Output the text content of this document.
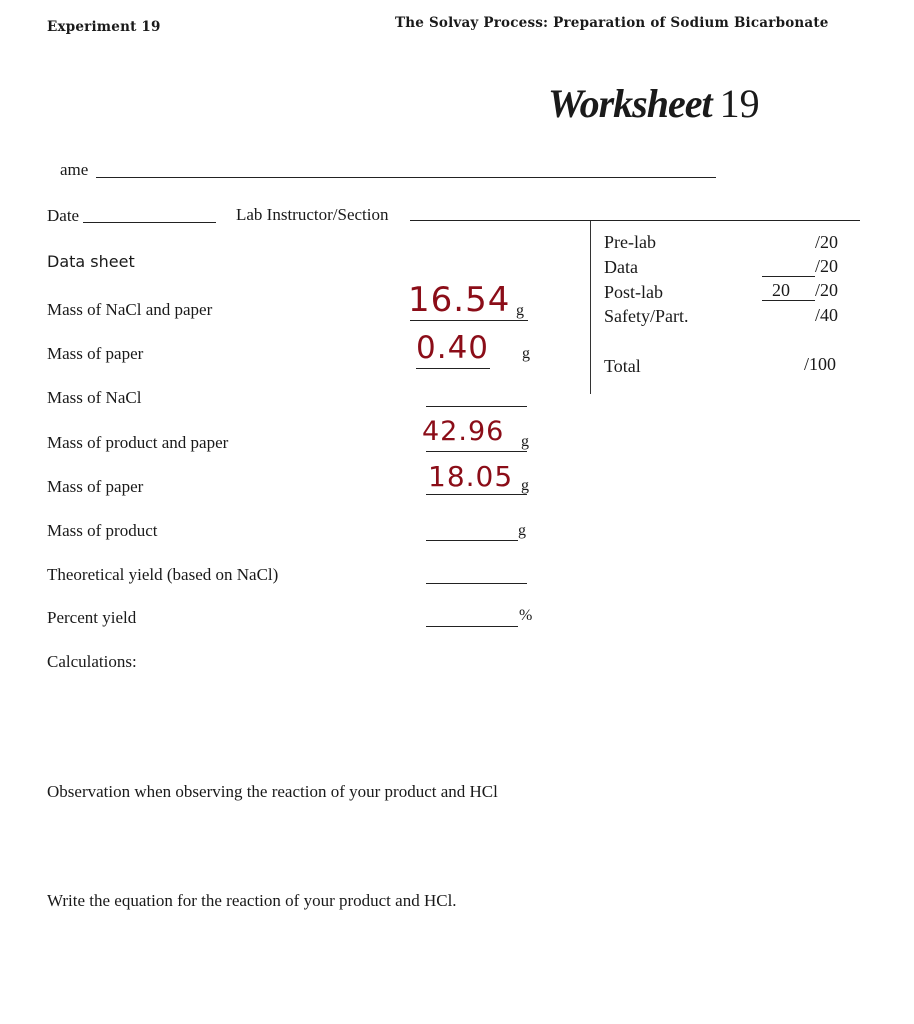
Experiment 19	The Solvay Process: Preparation of Sodium Bicarbonate
Worksheet 19
ame
Date	Lab Instructor/Section
Pre-lab	/20
Data	/20
Post-lab	20 /20
Safety/Part.	/40
Total	/100
Data sheet
Mass of NaCl and paper	16.54 g
Mass of paper	0.40 g
Mass of NaCl
Mass of product and paper	42.96 g
Mass of paper	18.05 g
Mass of product	g
Theoretical yield (based on NaCl)
Percent yield	%
Calculations:
Observation when observing the reaction of your product and HCl
Write the equation for the reaction of your product and HCl.
